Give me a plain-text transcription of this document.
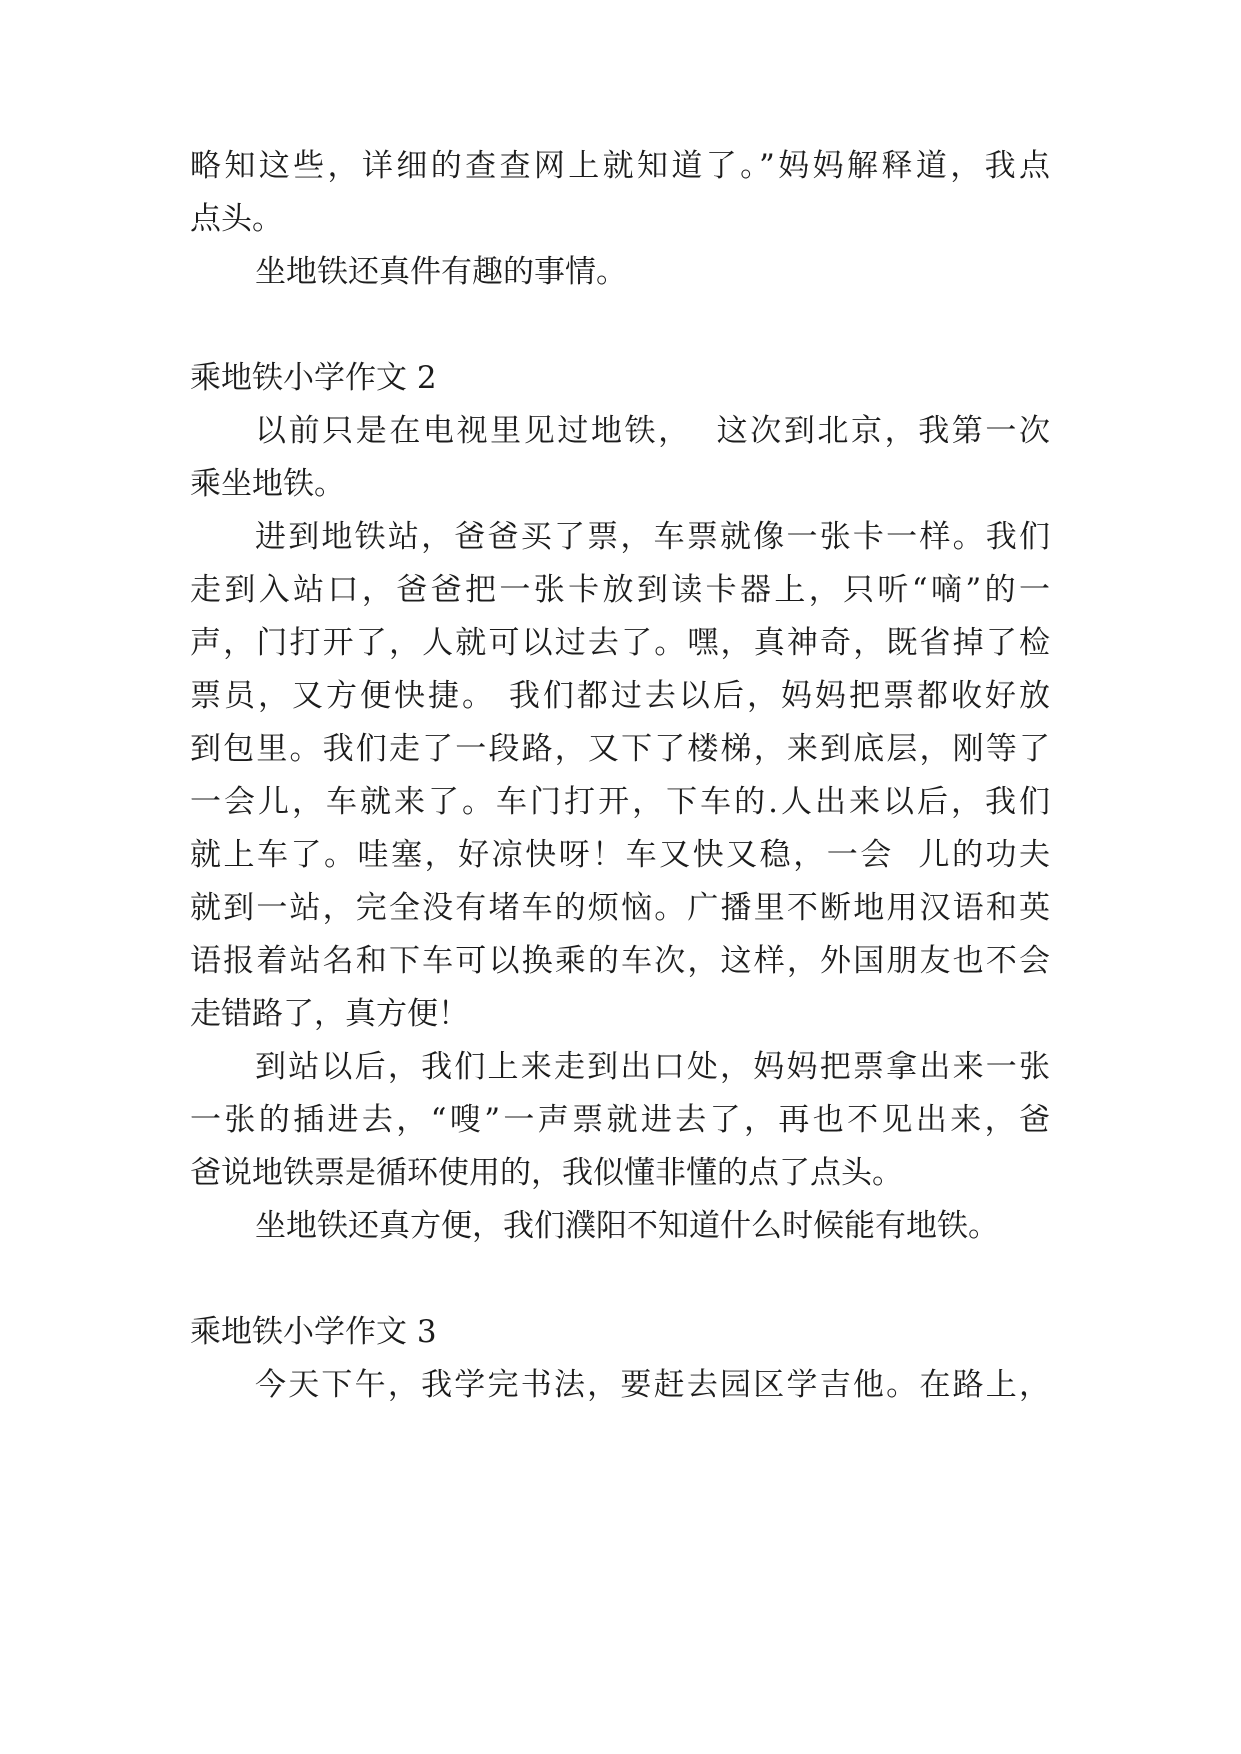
略知这些，详细的查查网上就知道了。”妈妈解释道，我点
点头。
坐地铁还真件有趣的事情。
乘地铁小学作文 2
以前只是在电视里见过地铁，  这次到北京，我第一次
乘坐地铁。
进到地铁站，爸爸买了票，车票就像一张卡一样。我们
走到入站口，爸爸把一张卡放到读卡器上，只听“嘀”的一
声，门打开了，人就可以过去了。嘿，真神奇，既省掉了检
票员，又方便快捷。 我们都过去以后，妈妈把票都收好放
到包里。我们走了一段路，又下了楼梯，来到底层，刚等了
一会儿，车就来了。车门打开，下车的.人出来以后，我们
就上车了。哇塞，好凉快呀！车又快又稳，一会  儿的功夫
就到一站，完全没有堵车的烦恼。广播里不断地用汉语和英
语报着站名和下车可以换乘的车次，这样，外国朋友也不会
走错路了，真方便！
到站以后，我们上来走到出口处，妈妈把票拿出来一张
一张的插进去，“嗖”一声票就进去了，再也不见出来，爸
爸说地铁票是循环使用的，我似懂非懂的点了点头。
坐地铁还真方便，我们濮阳不知道什么时候能有地铁。
乘地铁小学作文 3
今天下午，我学完书法，要赶去园区学吉他。在路上，
